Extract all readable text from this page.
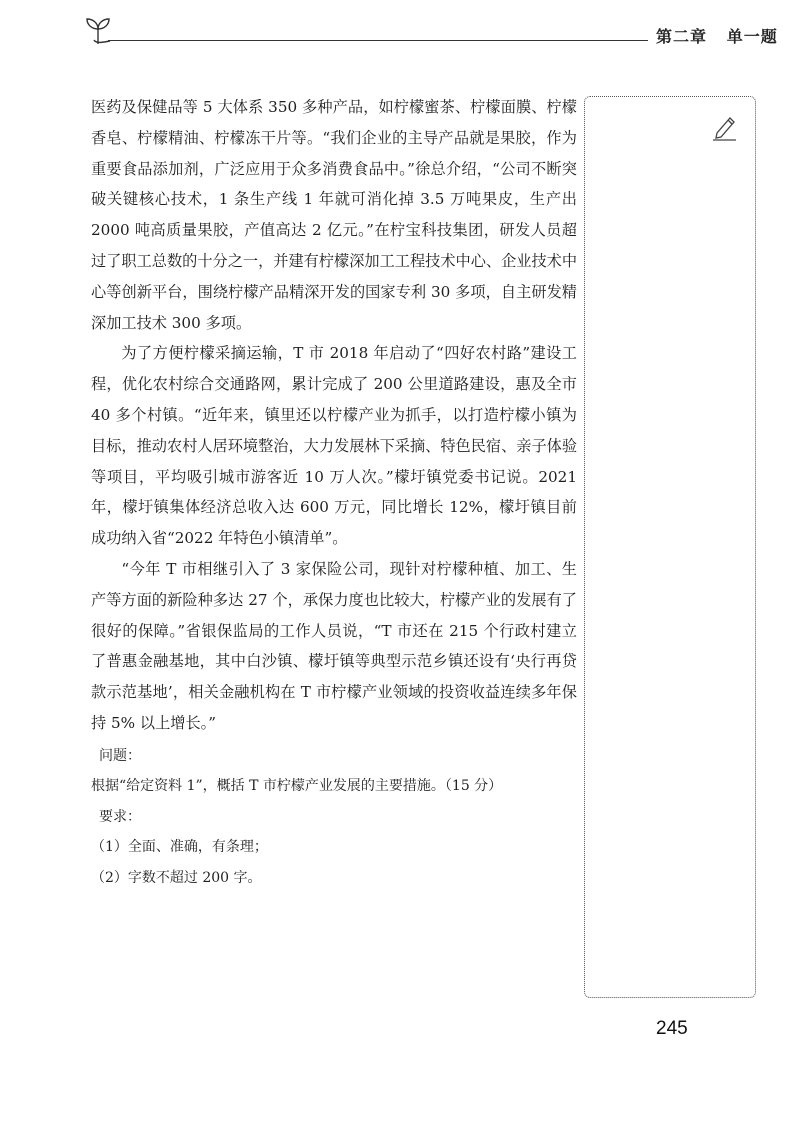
第二章 单一题

医药及保健品等 5 大体系 350 多种产品，如柠檬蜜茶、柠檬面膜、柠檬香皂、柠檬精油、柠檬冻干片等。“我们企业的主导产品就是果胶，作为重要食品添加剂，广泛应用于众多消费食品中。”徐总介绍，“公司不断突破关键核心技术，1 条生产线 1 年就可消化掉 3.5 万吨果皮，生产出 2000 吨高质量果胶，产值高达 2 亿元。”在柠宝科技集团，研发人员超过了职工总数的十分之一，并建有柠檬深加工工程技术中心、企业技术中心等创新平台，围绕柠檬产品精深开发的国家专利 30 多项，自主研发精深加工技术 300 多项。

为了方便柠檬采摘运输，T 市 2018 年启动了“四好农村路”建设工程，优化农村综合交通路网，累计完成了 200 公里道路建设，惠及全市 40 多个村镇。“近年来，镇里还以柠檬产业为抓手，以打造柠檬小镇为目标，推动农村人居环境整治，大力发展林下采摘、特色民宿、亲子体验等项目，平均吸引城市游客近 10 万人次。”檬圩镇党委书记说。2021 年，檬圩镇集体经济总收入达 600 万元，同比增长 12%，檬圩镇目前成功纳入省“2022 年特色小镇清单”。

“今年 T 市相继引入了 3 家保险公司，现针对柠檬种植、加工、生产等方面的新险种多达 27 个，承保力度也比较大，柠檬产业的发展有了很好的保障。”省银保监局的工作人员说，“T 市还在 215 个行政村建立了普惠金融基地，其中白沙镇、檬圩镇等典型示范乡镇还设有‘央行再贷款示范基地’，相关金融机构在 T 市柠檬产业领域的投资收益连续多年保持 5% 以上增长。”

问题：

根据“给定资料 1”，概括 T 市柠檬产业发展的主要措施。（15 分）

要求：

（1）全面、准确，有条理；

（2）字数不超过 200 字。

245
